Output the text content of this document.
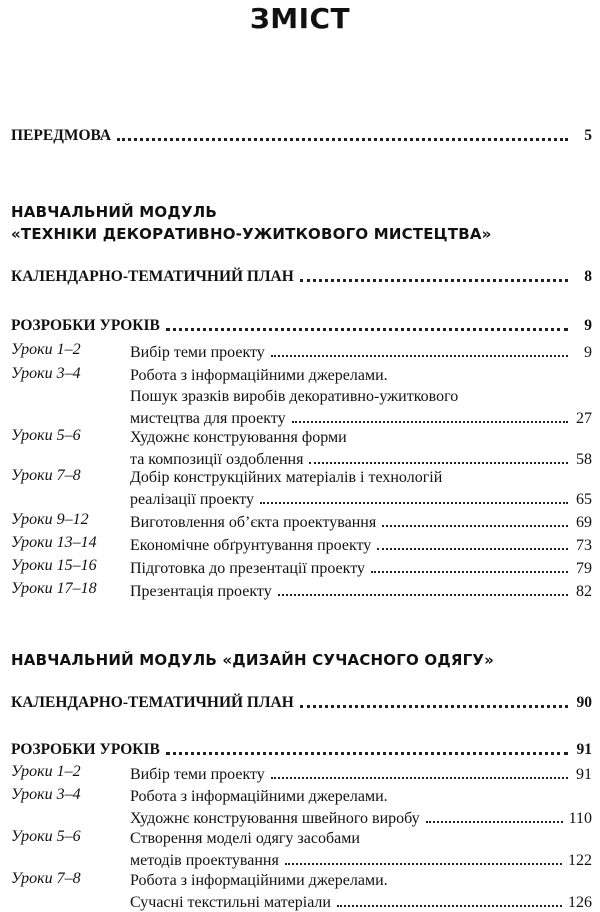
ЗМІСТ
ПЕРЕДМОВА	5
НАВЧАЛЬНИЙ МОДУЛЬ
«ТЕХНІКИ ДЕКОРАТИВНО-УЖИТКОВОГО МИСТЕЦТВА»
КАЛЕНДАРНО-ТЕМАТИЧНИЙ ПЛАН	8
РОЗРОБКИ УРОКІВ	9
Уроки 1–2	Вибір теми проекту	9
Уроки 3–4	Робота з інформаційними джерелами.
Пошук зразків виробів декоративно-ужиткового
мистецтва для проекту	27
Уроки 5–6	Художнє конструювання форми
та композиції оздоблення	58
Уроки 7–8	Добір конструкційних матеріалів і технологій
реалізації проекту	65
Уроки 9–12	Виготовлення об’єкта проектування	69
Уроки 13–14 Економічне обґрунтування проекту	73
Уроки 15–16 Підготовка до презентації проекту	79
Уроки 17–18 Презентація проекту	82
НАВЧАЛЬНИЙ МОДУЛЬ «ДИЗАЙН СУЧАСНОГО ОДЯГУ»
КАЛЕНДАРНО-ТЕМАТИЧНИЙ ПЛАН	90
РОЗРОБКИ УРОКІВ	91
Уроки 1–2	Вибір теми проекту	91
Уроки 3–4	Робота з інформаційними джерелами.
Художнє конструювання швейного виробу	110
Уроки 5–6	Створення моделі одягу засобами
методів проектування	122
Уроки 7–8	Робота з інформаційними джерелами.
Сучасні текстильні матеріали	126
